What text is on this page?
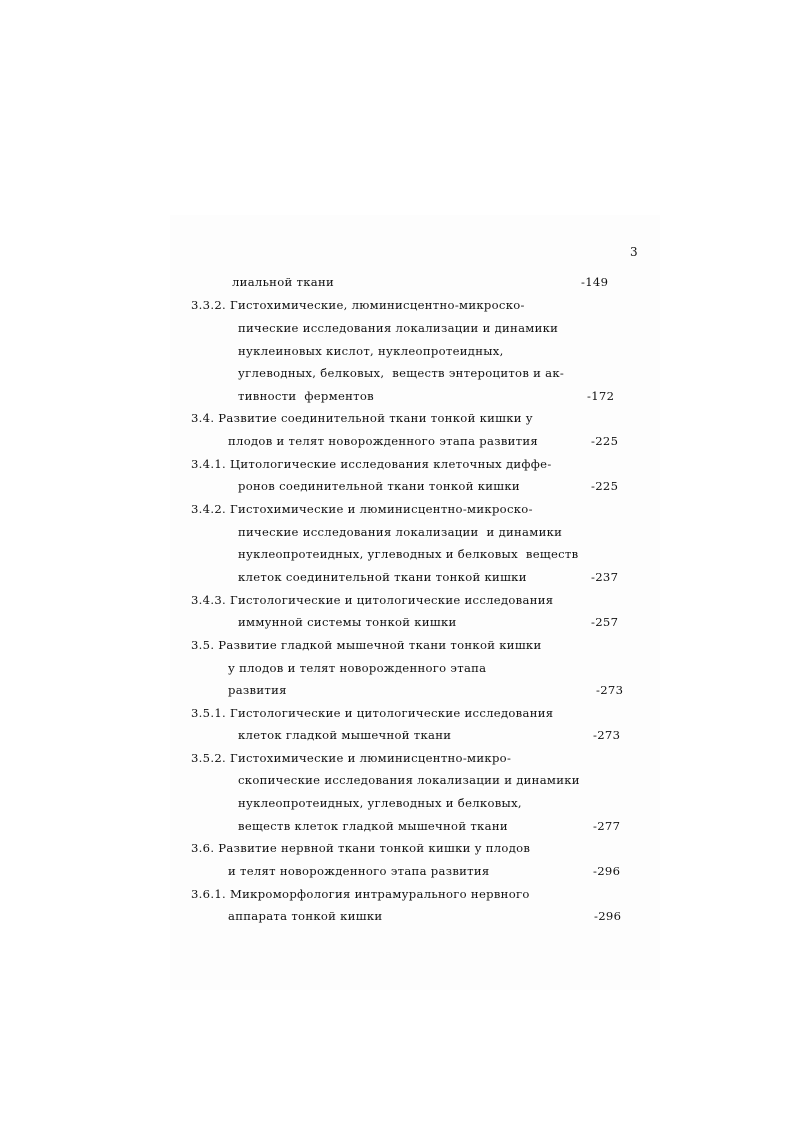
3
лиальной ткани
3.3.2. Гистохимические, люминисцентно-микроско-
пические исследования локализации и динамики
нуклеиновых кислот, нуклеопротеидных,
углеводных, белковых,  веществ энтероцитов и ак-
тивности  ферментов
3.4. Развитие соединительной ткани тонкой кишки у
плодов и телят новорожденного этапа развития
3.4.1. Цитологические исследования клеточных диффе-
ронов соединительной ткани тонкой кишки
3.4.2. Гистохимические и люминисцентно-микроско-
пические исследования локализации  и динамики
нуклеопротеидных, углеводных и белковых  веществ
клеток соединительной ткани тонкой кишки
3.4.3. Гистологические и цитологические исследования
иммунной системы тонкой кишки
3.5. Развитие гладкой мышечной ткани тонкой кишки
у плодов и телят новорожденного этапа
развития
3.5.1. Гистологические и цитологические исследования
клеток гладкой мышечной ткани
3.5.2. Гистохимические и люминисцентно-микро-
скопические исследования локализации и динамики
нуклеопротеидных, углеводных и белковых,
веществ клеток гладкой мышечной ткани
3.6. Развитие нервной ткани тонкой кишки у плодов
и телят новорожденного этапа развития
3.6.1. Микроморфология интрамурального нервного
аппарата тонкой кишки
-149
-172
-225
-225
-237
-257
-273
-273
-277
-296
-296
